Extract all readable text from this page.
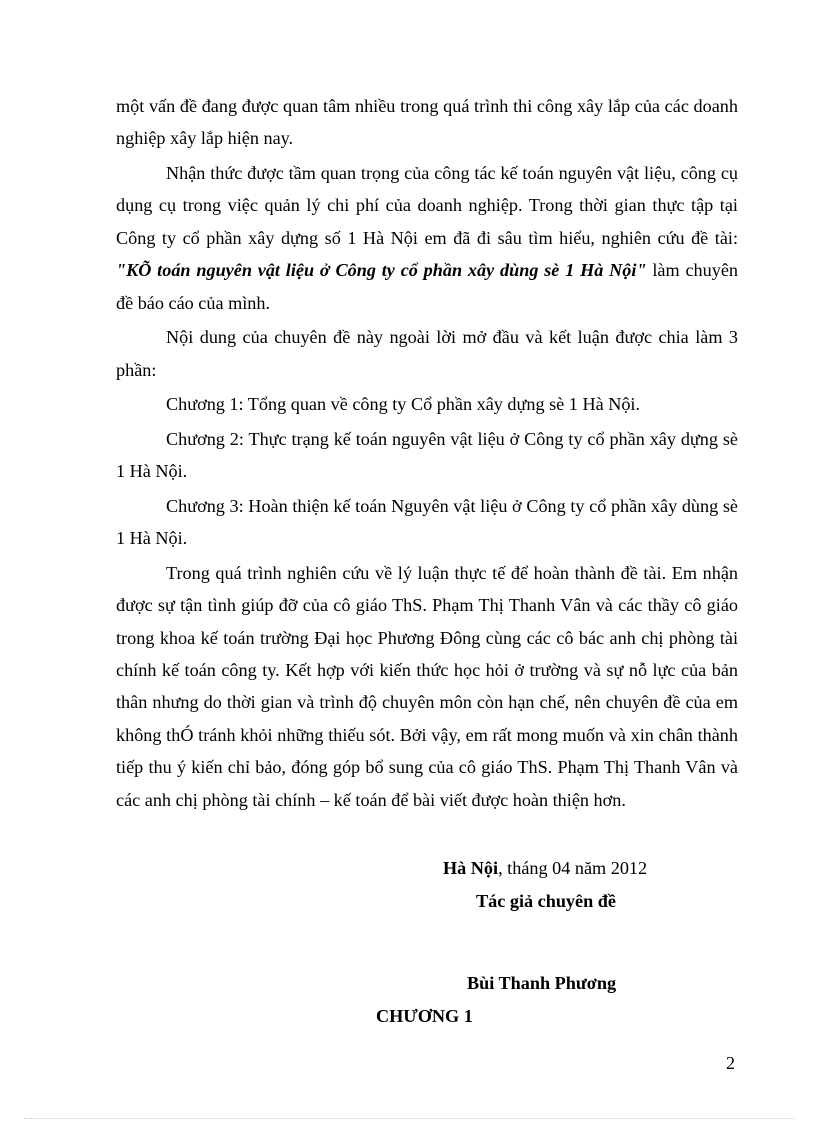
một vấn đề đang được quan tâm nhiều trong quá trình thi công xây lắp của các doanh nghiệp xây lắp hiện nay.

Nhận thức được tầm quan trọng của công tác kế toán nguyên vật liệu, công cụ dụng cụ trong việc quản lý chi phí của doanh nghiệp. Trong thời gian thực tập tại Công ty cổ phần xây dựng số 1 Hà Nội em đã đi sâu tìm hiểu, nghiên cứu đề tài: "KÕ toán nguyên vật liệu ở Công ty cổ phần xây dùng sè 1 Hà Nội" làm chuyên đề báo cáo của mình.

Nội dung của chuyên đề này ngoài lời mở đầu và kết luận được chia làm 3 phần:

Chương 1: Tổng quan về công ty Cổ phần xây dựng sè 1 Hà Nội.

Chương 2: Thực trạng kế toán nguyên vật liệu ở Công ty cổ phần xây dựng sè 1 Hà Nội.

Chương 3: Hoàn thiện kế toán Nguyên vật liệu ở Công ty cổ phần xây dùng sè 1 Hà Nội.

Trong quá trình nghiên cứu về lý luận thực tế để hoàn thành đề tài. Em nhận được sự tận tình giúp đỡ của cô giáo ThS. Phạm Thị Thanh Vân và các thầy cô giáo trong khoa kế toán trường Đại học Phương Đông cùng các cô bác anh chị phòng tài chính kế toán công ty. Kết hợp với kiến thức học hỏi ở trường và sự nỗ lực của bản thân nhưng do thời gian và trình độ chuyên môn còn hạn chế, nên chuyên đề của em không thÓ tránh khỏi những thiếu sót. Bởi vậy, em rất mong muốn và xin chân thành tiếp thu ý kiến chỉ bảo, đóng góp bổ sung của cô giáo ThS. Phạm Thị Thanh Vân và các anh chị phòng tài chính – kế toán để bài viết được hoàn thiện hơn.

Hà Nội, tháng 04 năm 2012
Tác giả chuyên đề
Bùi Thanh Phương
CHƯƠNG 1
2
